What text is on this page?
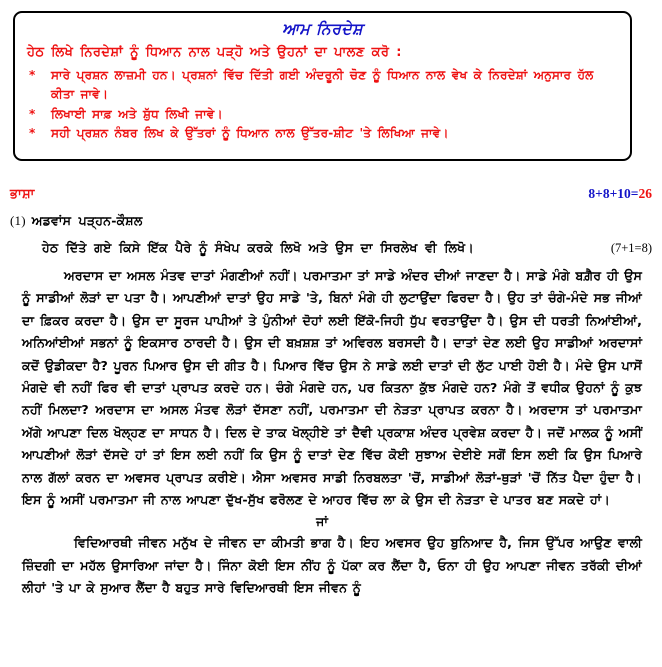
ਆਮ ਨਿਰਦੇਸ਼
ਹੇਠ ਲਿਖੇ ਨਿਰਦੇਸ਼ਾਂ ਨੂੰ ਧਿਆਨ ਨਾਲ ਪੜ੍ਹੋ ਅਤੇ ਉਹਨਾਂ ਦਾ ਪਾਲਣ ਕਰੋ :
*	ਸਾਰੇ ਪ੍ਰਸ਼ਨ ਲਾਜ਼ਮੀ ਹਨ। ਪ੍ਰਸ਼ਨਾਂ ਵਿੱਚ ਦਿੱਤੀ ਗਈ ਅੰਦਰੂਨੀ ਚੋਣ ਨੂੰ ਧਿਆਨ ਨਾਲ ਵੇਖ ਕੇ ਨਿਰਦੇਸ਼ਾਂ ਅਨੁਸਾਰ ਹੱਲ ਕੀਤਾ ਜਾਵੇ।
*	ਲਿਖਾਈ ਸਾਫ਼ ਅਤੇ ਸ਼ੁੱਧ ਲਿਖੀ ਜਾਵੇ।
*	ਸਹੀ ਪ੍ਰਸ਼ਨ ਨੰਬਰ ਲਿਖ ਕੇ ਉੱਤਰਾਂ ਨੂੰ ਧਿਆਨ ਨਾਲ ਉੱਤਰ-ਸ਼ੀਟ 'ਤੇ ਲਿਖਿਆ ਜਾਵੇ।
ਭਾਸ਼ਾ	8+8+10=26
(1) ਅਡਵਾਂਸ ਪੜ੍ਹਨ-ਕੌਸ਼ਲ
ਹੇਠ ਦਿੱਤੇ ਗਏ ਕਿਸੇ ਇੱਕ ਪੈਰੇ ਨੂੰ ਸੰਖੇਪ ਕਰਕੇ ਲਿਖੋ ਅਤੇ ਉਸ ਦਾ ਸਿਰਲੇਖ ਵੀ ਲਿਖੋ।	(7+1=8)

ਅਰਦਾਸ ਦਾ ਅਸਲ ਮੰਤਵ ਦਾਤਾਂ ਮੰਗਣੀਆਂ ਨਹੀਂ। ਪਰਮਾਤਮਾ ਤਾਂ ਸਾਡੇ ਅੰਦਰ ਦੀਆਂ ਜਾਣਦਾ ਹੈ। ਸਾਡੇ ਮੰਗੇ ਬਗ਼ੈਰ ਹੀ ਉਸ ਨੂੰ ਸਾਡੀਆਂ ਲੋੜਾਂ ਦਾ ਪਤਾ ਹੈ। ਆਪਣੀਆਂ ਦਾਤਾਂ ਉਹ ਸਾਡੇ 'ਤੇ, ਬਿਨਾਂ ਮੰਗੇ ਹੀ ਲੁਟਾਉਂਦਾ ਫਿਰਦਾ ਹੈ। ਉਹ ਤਾਂ ਚੰਗੇ-ਮੰਦੇ ਸਭ ਜੀਆਂ ਦਾ ਫ਼ਿਕਰ ਕਰਦਾ ਹੈ। ਉਸ ਦਾ ਸੂਰਜ ਪਾਪੀਆਂ ਤੇ ਪੁੰਨੀਆਂ ਦੋਹਾਂ ਲਈ ਇੱਕੋ-ਜਿਹੀ ਧੁੱਪ ਵਰਤਾਉਂਦਾ ਹੈ। ਉਸ ਦੀ ਧਰਤੀ ਨਿਆਂਈਆਂ, ਅਨਿਆਂਈਆਂ ਸਭਨਾਂ ਨੂੰ ਇਕਸਾਰ ਠਾਰਦੀ ਹੈ। ਉਸ ਦੀ ਬਖ਼ਸ਼ਸ਼ ਤਾਂ ਅਵਿਰਲ ਬਰਸਦੀ ਹੈ। ਦਾਤਾਂ ਦੇਣ ਲਈ ਉਹ ਸਾਡੀਆਂ ਅਰਦਾਸਾਂ ਕਦੋਂ ਉਡੀਕਦਾ ਹੈ? ਪੂਰਨ ਪਿਆਰ ਉਸ ਦੀ ਗੀਤ ਹੈ। ਪਿਆਰ ਵਿੱਚ ਉਸ ਨੇ ਸਾਡੇ ਲਈ ਦਾਤਾਂ ਦੀ ਲੁੱਟ ਪਾਈ ਹੋਈ ਹੈ। ਮੰਦੇ ਉਸ ਪਾਸੋਂ ਮੰਗਦੇ ਵੀ ਨਹੀਂ ਫਿਰ ਵੀ ਦਾਤਾਂ ਪ੍ਰਾਪਤ ਕਰਦੇ ਹਨ। ਚੰਗੇ ਮੰਗਦੇ ਹਨ, ਪਰ ਕਿਤਨਾ ਕੁੱਝ ਮੰਗਦੇ ਹਨ? ਮੰਗੇ ਤੋਂ ਵਧੀਕ ਉਹਨਾਂ ਨੂੰ ਕੁਝ ਨਹੀਂ ਮਿਲਦਾ? ਅਰਦਾਸ ਦਾ ਅਸਲ ਮੰਤਵ ਲੋੜਾਂ ਦੱਸਣਾ ਨਹੀਂ, ਪਰਮਾਤਮਾ ਦੀ ਨੇੜਤਾ ਪ੍ਰਾਪਤ ਕਰਨਾ ਹੈ। ਅਰਦਾਸ ਤਾਂ ਪਰਮਾਤਮਾ ਅੱਗੇ ਆਪਣਾ ਦਿਲ ਖੋਲ੍ਹਣ ਦਾ ਸਾਧਨ ਹੈ। ਦਿਲ ਦੇ ਤਾਕ ਖੋਲ੍ਹੀਏ ਤਾਂ ਦੈਵੀ ਪ੍ਰਕਾਸ਼ ਅੰਦਰ ਪ੍ਰਵੇਸ਼ ਕਰਦਾ ਹੈ। ਜਦੋਂ ਮਾਲਕ ਨੂੰ ਅਸੀਂ ਆਪਣੀਆਂ ਲੋੜਾਂ ਦੱਸਦੇ ਹਾਂ ਤਾਂ ਇਸ ਲਈ ਨਹੀਂ ਕਿ ਉਸ ਨੂੰ ਦਾਤਾਂ ਦੇਣ ਵਿੱਚ ਕੋਈ ਸੁਝਾਅ ਦੇਈਏ ਸਗੋਂ ਇਸ ਲਈ ਕਿ ਉਸ ਪਿਆਰੇ ਨਾਲ ਗੱਲਾਂ ਕਰਨ ਦਾ ਅਵਸਰ ਪ੍ਰਾਪਤ ਕਰੀਏ। ਐਸਾ ਅਵਸਰ ਸਾਡੀ ਨਿਰਬਲਤਾ 'ਚੋਂ, ਸਾਡੀਆਂ ਲੋੜਾਂ-ਥੁੜਾਂ 'ਚੋਂ ਨਿੱਤ ਪੈਦਾ ਹੁੰਦਾ ਹੈ। ਇਸ ਨੂੰ ਅਸੀਂ ਪਰਮਾਤਮਾ ਜੀ ਨਾਲ ਆਪਣਾ ਦੁੱਖ-ਸੁੱਖ ਫਰੋਲਣ ਦੇ ਆਹਰ ਵਿੱਚ ਲਾ ਕੇ ਉਸ ਦੀ ਨੇੜਤਾ ਦੇ ਪਾਤਰ ਬਣ ਸਕਦੇ ਹਾਂ।

ਜਾਂ

ਵਿਦਿਆਰਥੀ ਜੀਵਨ ਮਨੁੱਖ ਦੇ ਜੀਵਨ ਦਾ ਕੀਮਤੀ ਭਾਗ ਹੈ। ਇਹ ਅਵਸਰ ਉਹ ਬੁਨਿਆਦ ਹੈ, ਜਿਸ ਉੱਪਰ ਆਉਣ ਵਾਲੀ ਜ਼ਿੰਦਗੀ ਦਾ ਮਹੱਲ ਉਸਾਰਿਆ ਜਾਂਦਾ ਹੈ। ਜਿੰਨਾ ਕੋਈ ਇਸ ਨੀਂਹ ਨੂੰ ਪੱਕਾ ਕਰ ਲੈਂਦਾ ਹੈ, ਓਨਾ ਹੀ ਉਹ ਆਪਣਾ ਜੀਵਨ ਤਰੱਕੀ ਦੀਆਂ ਲੀਹਾਂ 'ਤੇ ਪਾ ਕੇ ਸੁਆਰ ਲੈਂਦਾ ਹੈ ਬਹੁਤ ਸਾਰੇ ਵਿਦਿਆਰਥੀ ਇਸ ਜੀਵਨ ਨੂੰ
